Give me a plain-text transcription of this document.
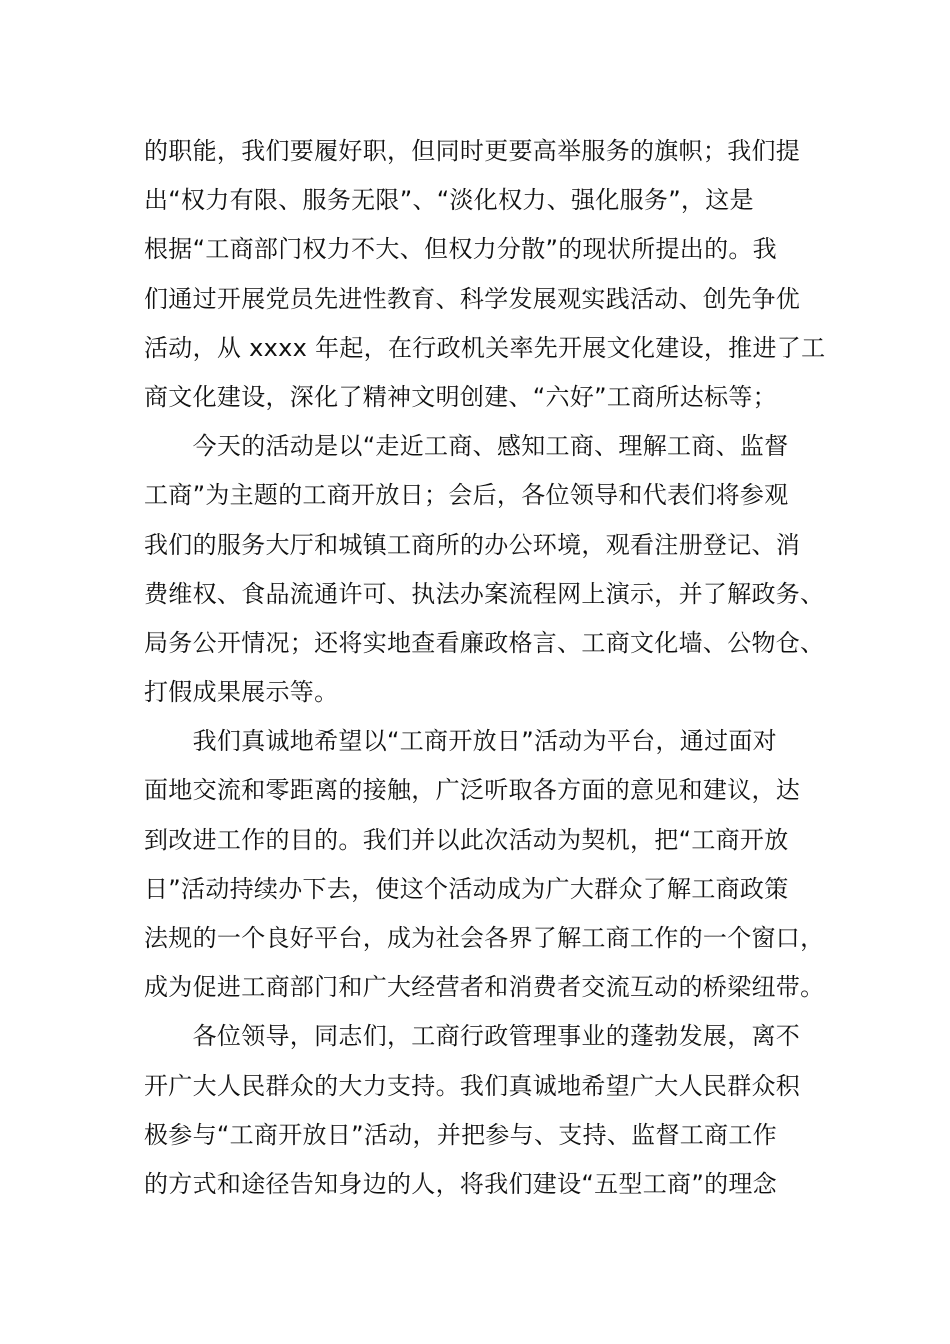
的职能，我们要履好职，但同时更要高举服务的旗帜；我们提
出“权力有限、服务无限”、“淡化权力、强化服务”，这是
根据“工商部门权力不大、但权力分散”的现状所提出的。我
们通过开展党员先进性教育、科学发展观实践活动、创先争优
活动，从 xxxx 年起，在行政机关率先开展文化建设，推进了工
商文化建设，深化了精神文明创建、“六好”工商所达标等；
　　今天的活动是以“走近工商、感知工商、理解工商、监督
工商”为主题的工商开放日；会后，各位领导和代表们将参观
我们的服务大厅和城镇工商所的办公环境，观看注册登记、消
费维权、食品流通许可、执法办案流程网上演示，并了解政务、
局务公开情况；还将实地查看廉政格言、工商文化墙、公物仓、
打假成果展示等。
　　我们真诚地希望以“工商开放日”活动为平台，通过面对
面地交流和零距离的接触，广泛听取各方面的意见和建议，达
到改进工作的目的。我们并以此次活动为契机，把“工商开放
日”活动持续办下去，使这个活动成为广大群众了解工商政策
法规的一个良好平台，成为社会各界了解工商工作的一个窗口，
成为促进工商部门和广大经营者和消费者交流互动的桥梁纽带。
　　各位领导，同志们，工商行政管理事业的蓬勃发展，离不
开广大人民群众的大力支持。我们真诚地希望广大人民群众积
极参与“工商开放日”活动，并把参与、支持、监督工商工作
的方式和途径告知身边的人，将我们建设“五型工商”的理念
